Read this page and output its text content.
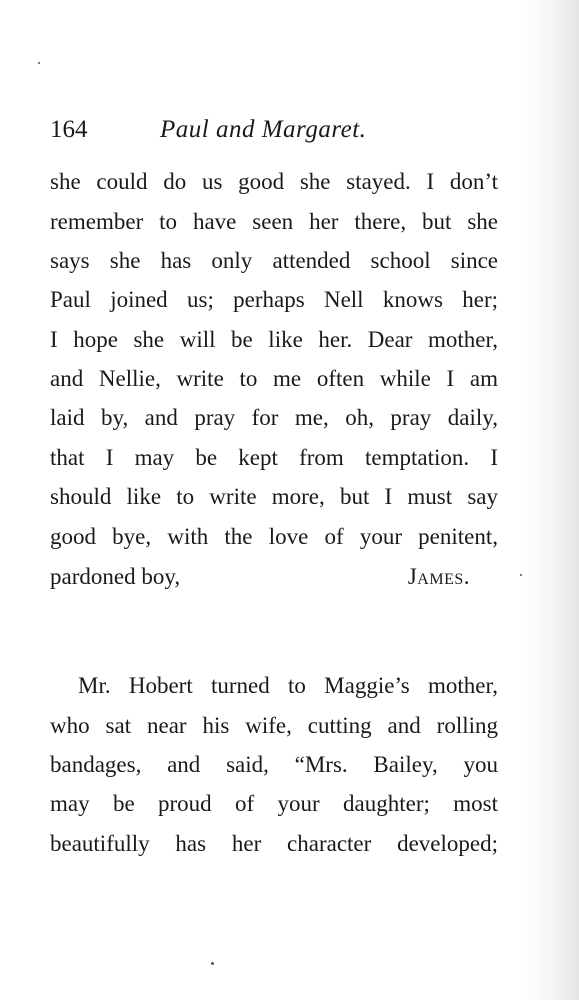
164	Paul and Margaret.
she could do us good she stayed. I don’t
remember to have seen her there, but she
says she has only attended school since
Paul joined us; perhaps Nell knows her;
I hope she will be like her. Dear mother,
and Nellie, write to me often while I am
laid by, and pray for me, oh, pray daily,
that I may be kept from temptation. I
should like to write more, but I must say
good bye, with the love of your penitent,
pardoned boy,	James.
Mr. Hobert turned to Maggie’s mother,
who sat near his wife, cutting and rolling
bandages, and said, “Mrs. Bailey, you
may be proud of your daughter; most
beautifully has her character developed;
